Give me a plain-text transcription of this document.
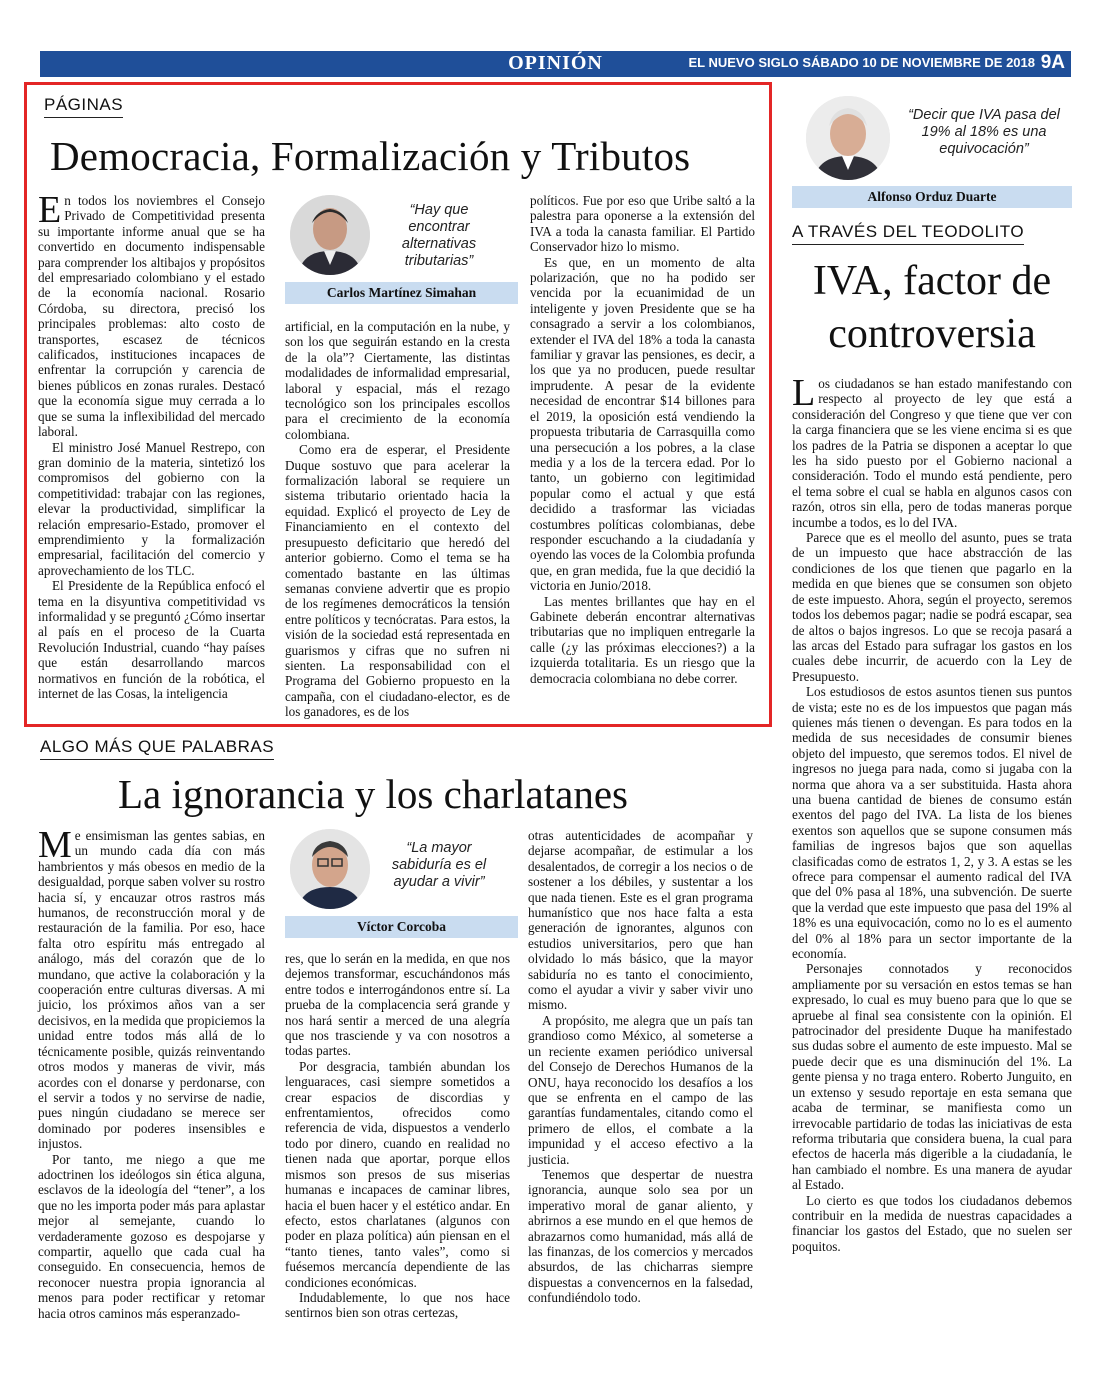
OPINIÓN	EL NUEVO SIGLO SÁBADO 10 DE NOVIEMBRE DE 2018 9A
PÁGINAS
Democracia, Formalización y Tributos

En todos los noviembres el Consejo Privado de Competitividad presenta su importante informe anual que se ha convertido en documento indispensable para comprender los altibajos y propósitos del empresariado colombiano y el estado de la economía nacional. Rosario Córdoba, su directora, precisó los principales problemas: alto costo de transportes, escasez de técnicos calificados, instituciones incapaces de enfrentar la corrupción y carencia de bienes públicos en zonas rurales. Destacó que la economía sigue muy cerrada a lo que se suma la inflexibilidad del mercado laboral.

El ministro José Manuel Restrepo, con gran dominio de la materia, sintetizó los compromisos del gobierno con la competitividad: trabajar con las regiones, elevar la productividad, simplificar la relación empresario-Estado, promover el emprendimiento y la formalización empresarial, facilitación del comercio y aprovechamiento de los TLC.

El Presidente de la República enfocó el tema en la disyuntiva competitividad vs informalidad y se preguntó ¿Cómo insertar al país en el proceso de la Cuarta Revolución Industrial, cuando “hay países que están desarrollando marcos normativos en función de la robótica, el internet de las Cosas, la inteligencia

“Hay que encontrar alternativas tributarias”
Carlos Martínez Simahan

artificial, en la computación en la nube, y son los que seguirán estando en la cresta de la ola”? Ciertamente, las distintas modalidades de informalidad empresarial, laboral y espacial, más el rezago tecnológico son los principales escollos para el crecimiento de la economía colombiana.

Como era de esperar, el Presidente Duque sostuvo que para acelerar la formalización laboral se requiere un sistema tributario orientado hacia la equidad. Explicó el proyecto de Ley de Financiamiento en el contexto del presupuesto deficitario que heredó del anterior gobierno. Como el tema se ha comentado bastante en las últimas semanas conviene advertir que es propio de los regímenes democráticos la tensión entre políticos y tecnócratas. Para estos, la visión de la sociedad está representada en guarismos y cifras que no sufren ni sienten. La responsabilidad con el Programa del Gobierno propuesto en la campaña, con el ciudadano-elector, es de los ganadores, es de los

políticos. Fue por eso que Uribe saltó a la palestra para oponerse a la extensión del IVA a toda la canasta familiar. El Partido Conservador hizo lo mismo.

Es que, en un momento de alta polarización, que no ha podido ser vencida por la ecuanimidad de un inteligente y joven Presidente que se ha consagrado a servir a los colombianos, extender el IVA del 18% a toda la canasta familiar y gravar las pensiones, es decir, a los que ya no producen, puede resultar imprudente. A pesar de la evidente necesidad de encontrar $14 billones para el 2019, la oposición está vendiendo la propuesta tributaria de Carrasquilla como una persecución a los pobres, a la clase media y a los de la tercera edad. Por lo tanto, un gobierno con legitimidad popular como el actual y que está decidido a trasformar las viciadas costumbres políticas colombianas, debe responder escuchando a la ciudadanía y oyendo las voces de la Colombia profunda que, en gran medida, fue la que decidió la victoria en Junio/2018.

Las mentes brillantes que hay en el Gabinete deberán encontrar alternativas tributarias que no impliquen entregarle la calle (¿y las próximas elecciones?) a la izquierda totalitaria. Es un riesgo que la democracia colombiana no debe correr.

ALGO MÁS QUE PALABRAS
La ignorancia y los charlatanes

Me ensimisman las gentes sabias, en un mundo cada día con más hambrientos y más obesos en medio de la desigualdad, porque saben volver su rostro hacia sí, y encauzar otros rastros más humanos, de reconstrucción moral y de restauración de la familia. Por eso, hace falta otro espíritu más entregado al análogo, más del corazón que de lo mundano, que active la colaboración y la cooperación entre culturas diversas. A mi juicio, los próximos años van a ser decisivos, en la medida que propiciemos la unidad entre todos más allá de lo técnicamente posible, quizás reinventando otros modos y maneras de vivir, más acordes con el donarse y perdonarse, con el servir a todos y no servirse de nadie, pues ningún ciudadano se merece ser dominado por poderes insensibles e injustos.

Por tanto, me niego a que me adoctrinen los ideólogos sin ética alguna, esclavos de la ideología del “tener”, a los que no les importa poder más para aplastar mejor al semejante, cuando lo verdaderamente gozoso es despojarse y compartir, aquello que cada cual ha conseguido. En consecuencia, hemos de reconocer nuestra propia ignorancia al menos para poder rectificar y retomar hacia otros caminos más esperanzado-

“La mayor sabiduría es el ayudar a vivir”
Víctor Corcoba

res, que lo serán en la medida, en que nos dejemos transformar, escuchándonos más entre todos e interrogándonos entre sí. La prueba de la complacencia será grande y nos hará sentir a merced de una alegría que nos trasciende y va con nosotros a todas partes.

Por desgracia, también abundan los lenguaraces, casi siempre sometidos a crear espacios de discordias y enfrentamientos, ofrecidos como referencia de vida, dispuestos a venderlo todo por dinero, cuando en realidad no tienen nada que aportar, porque ellos mismos son presos de sus miserias humanas e incapaces de caminar libres, hacia el buen hacer y el estético andar. En efecto, estos charlatanes (algunos con poder en plaza política) aún piensan en el “tanto tienes, tanto vales”, como si fuésemos mercancía dependiente de las condiciones económicas.

Indudablemente, lo que nos hace sentirnos bien son otras certezas,

otras autenticidades de acompañar y dejarse acompañar, de estimular a los desalentados, de corregir a los necios o de sostener a los débiles, y sustentar a los que nada tienen. Este es el gran programa humanístico que nos hace falta a esta generación de ignorantes, algunos con estudios universitarios, pero que han olvidado lo más básico, que la mayor sabiduría no es tanto el conocimiento, como el ayudar a vivir y saber vivir uno mismo.

A propósito, me alegra que un país tan grandioso como México, al someterse a un reciente examen periódico universal del Consejo de Derechos Humanos de la ONU, haya reconocido los desafíos a los que se enfrenta en el campo de las garantías fundamentales, citando como el primero de ellos, el combate a la impunidad y el acceso efectivo a la justicia.

Tenemos que despertar de nuestra ignorancia, aunque solo sea por un imperativo moral de ganar aliento, y abrirnos a ese mundo en el que hemos de abrazarnos como humanidad, más allá de las finanzas, de los comercios y mercados absurdos, de las chicharras siempre dispuestas a convencernos en la falsedad, confundiéndolo todo.

“Decir que IVA pasa del 19% al 18% es una equivocación”
Alfonso Orduz Duarte
A TRAVÉS DEL TEODOLITO
IVA, factor de
controversia

Los ciudadanos se han estado manifestando con respecto al proyecto de ley que está a consideración del Congreso y que tiene que ver con la carga financiera que se les viene encima si es que los padres de la Patria se disponen a aceptar lo que les ha sido puesto por el Gobierno nacional a consideración. Todo el mundo está pendiente, pero el tema sobre el cual se habla en algunos casos con razón, otros sin ella, pero de todas maneras porque incumbe a todos, es lo del IVA.

Parece que es el meollo del asunto, pues se trata de un impuesto que hace abstracción de las condiciones de los que tienen que pagarlo en la medida en que bienes que se consumen son objeto de este impuesto. Ahora, según el proyecto, seremos todos los debemos pagar; nadie se podrá escapar, sea de altos o bajos ingresos. Lo que se recoja pasará a las arcas del Estado para sufragar los gastos en los cuales debe incurrir, de acuerdo con la Ley de Presupuesto.

Los estudiosos de estos asuntos tienen sus puntos de vista; este no es de los impuestos que pagan más quienes más tienen o devengan. Es para todos en la medida de sus necesidades de consumir bienes objeto del impuesto, que seremos todos. El nivel de ingresos no juega para nada, como si jugaba con la norma que ahora va a ser substituida. Hasta ahora una buena cantidad de bienes de consumo están exentos del pago del IVA. La lista de los bienes exentos son aquellos que se supone consumen más familias de ingresos bajos que son aquellas clasificadas como de estratos 1, 2, y 3. A estas se les ofrece para compensar el aumento radical del IVA que del 0% pasa al 18%, una subvención. De suerte que la verdad que este impuesto que pasa del 19% al 18% es una equivocación, como no lo es el aumento del 0% al 18% para un sector importante de la economía.

Personajes connotados y reconocidos ampliamente por su versación en estos temas se han expresado, lo cual es muy bueno para que lo que se apruebe al final sea consistente con la opinión. El patrocinador del presidente Duque ha manifestado sus dudas sobre el aumento de este impuesto. Mal se puede decir que es una disminución del 1%. La gente piensa y no traga entero. Roberto Junguito, en un extenso y sesudo reportaje en esta semana que acaba de terminar, se manifiesta como un irrevocable partidario de todas las iniciativas de esta reforma tributaria que considera buena, la cual para efectos de hacerla más digerible a la ciudadanía, le han cambiado el nombre. Es una manera de ayudar al Estado.

Lo cierto es que todos los ciudadanos debemos contribuir en la medida de nuestras capacidades a financiar los gastos del Estado, que no suelen ser poquitos.
